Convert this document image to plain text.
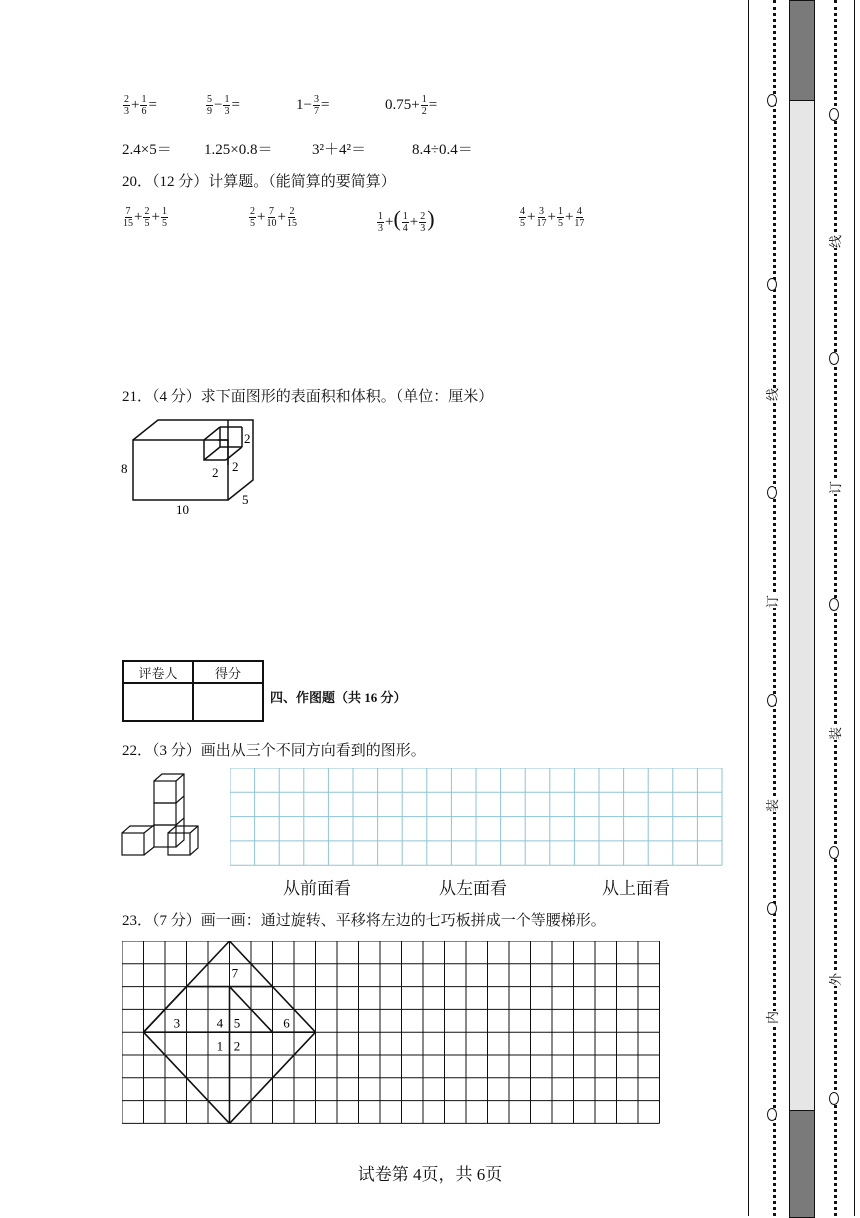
$\frac{2}{3} + \frac{1}{6}$ =	$\frac{5}{9} - \frac{1}{3}$ =	$1- \frac{3}{7}$ =	$0.75+ \frac{1}{2}$ =
2.4×5＝ 1.25×0.8＝	3²＋4²＝	8.4÷0.4＝
20．（12 分）计算题。（能简算的要简算）
$\frac{7}{15} + \frac{2}{5} + \frac{1}{5}$	$\frac{2}{5} + \frac{7}{10} + \frac{2}{15}$	$\frac{1}{3}$ +( $\frac{1}{4} + \frac{2}{3}$ )	$\frac{4}{5} + \frac{3}{17} + \frac{1}{5} + \frac{4}{17}$
21．（4 分）求下面图形的表面积和体积。（单位：厘米）
8
10
5
2
2
2
评卷人	得分

四、作图题（共 16 分）
22．（3 分）画出从三个不同方向看到的图形。
从前面看	从左面看	从上面看
23．（7 分）画一画：通过旋转、平移将左边的七巧板拼成一个等腰梯形。
7
3	4 5	6
1 2
试卷第 4页，共 6页
线
订
装
内
线
订
装
外
